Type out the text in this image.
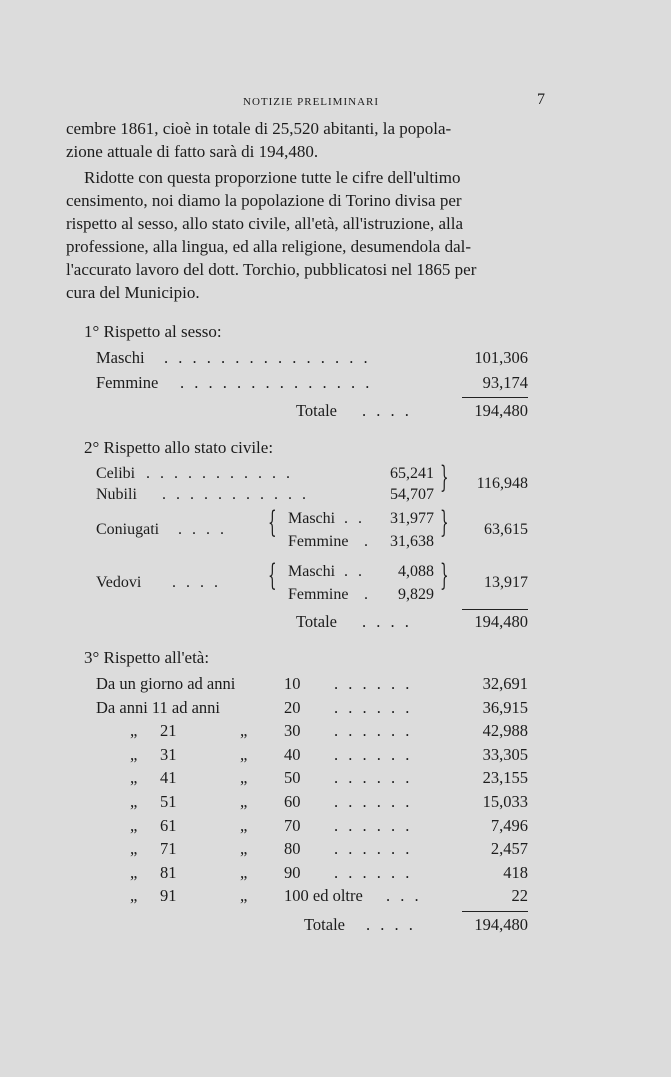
NOTIZIE PRELIMINARI	7
cembre 1861, cioè in totale di 25,520 abitanti, la popola-
zione attuale di fatto sarà di 194,480.
Ridotte con questa proporzione tutte le cifre dell'ultimo
censimento, noi diamo la popolazione di Torino divisa per
rispetto al sesso, allo stato civile, all'età, all'istruzione, alla
professione, alla lingua, ed alla religione, desumendola dal-
l'accurato lavoro del dott. Torchio, pubblicatosi nel 1865 per
cura del Municipio.
1° Rispetto al sesso:
Maschi . . . . . . . . . . . . . . .	101,306
Femmine . . . . . . . . . . . . . .	93,174
Totale . . . .	194,480
2° Rispetto allo stato civile:
Celibi . . . . . . . . . . .	65,241
Nubili . . . . . . . . . . .	54,707 }	116,948
Coniugati . . . . { Maschi . .	31,977
Femmine .	31,638
}	63,615
Vedovi . . . . { Maschi . .	4,088
Femmine .	9,829
}	13,917
Totale . . . .	194,480
3° Rispetto all'età:
Da un giorno ad anni	10 . . . . . .	32,691
Da anni 11 ad anni	20 . . . . . .	36,915
„ 21	„ 30 . . . . . .	42,988
„ 31	„ 40 . . . . . .	33,305
„ 41	„ 50 . . . . . .	23,155
„ 51	„ 60 . . . . . .	15,033
„ 61	„ 70 . . . . . .	7,496
„ 71	„ 80 . . . . . .	2,457
„ 81	„ 90 . . . . . .	418
„ 91	„ 100 ed oltre . . .	22
Totale . . . .	194,480
